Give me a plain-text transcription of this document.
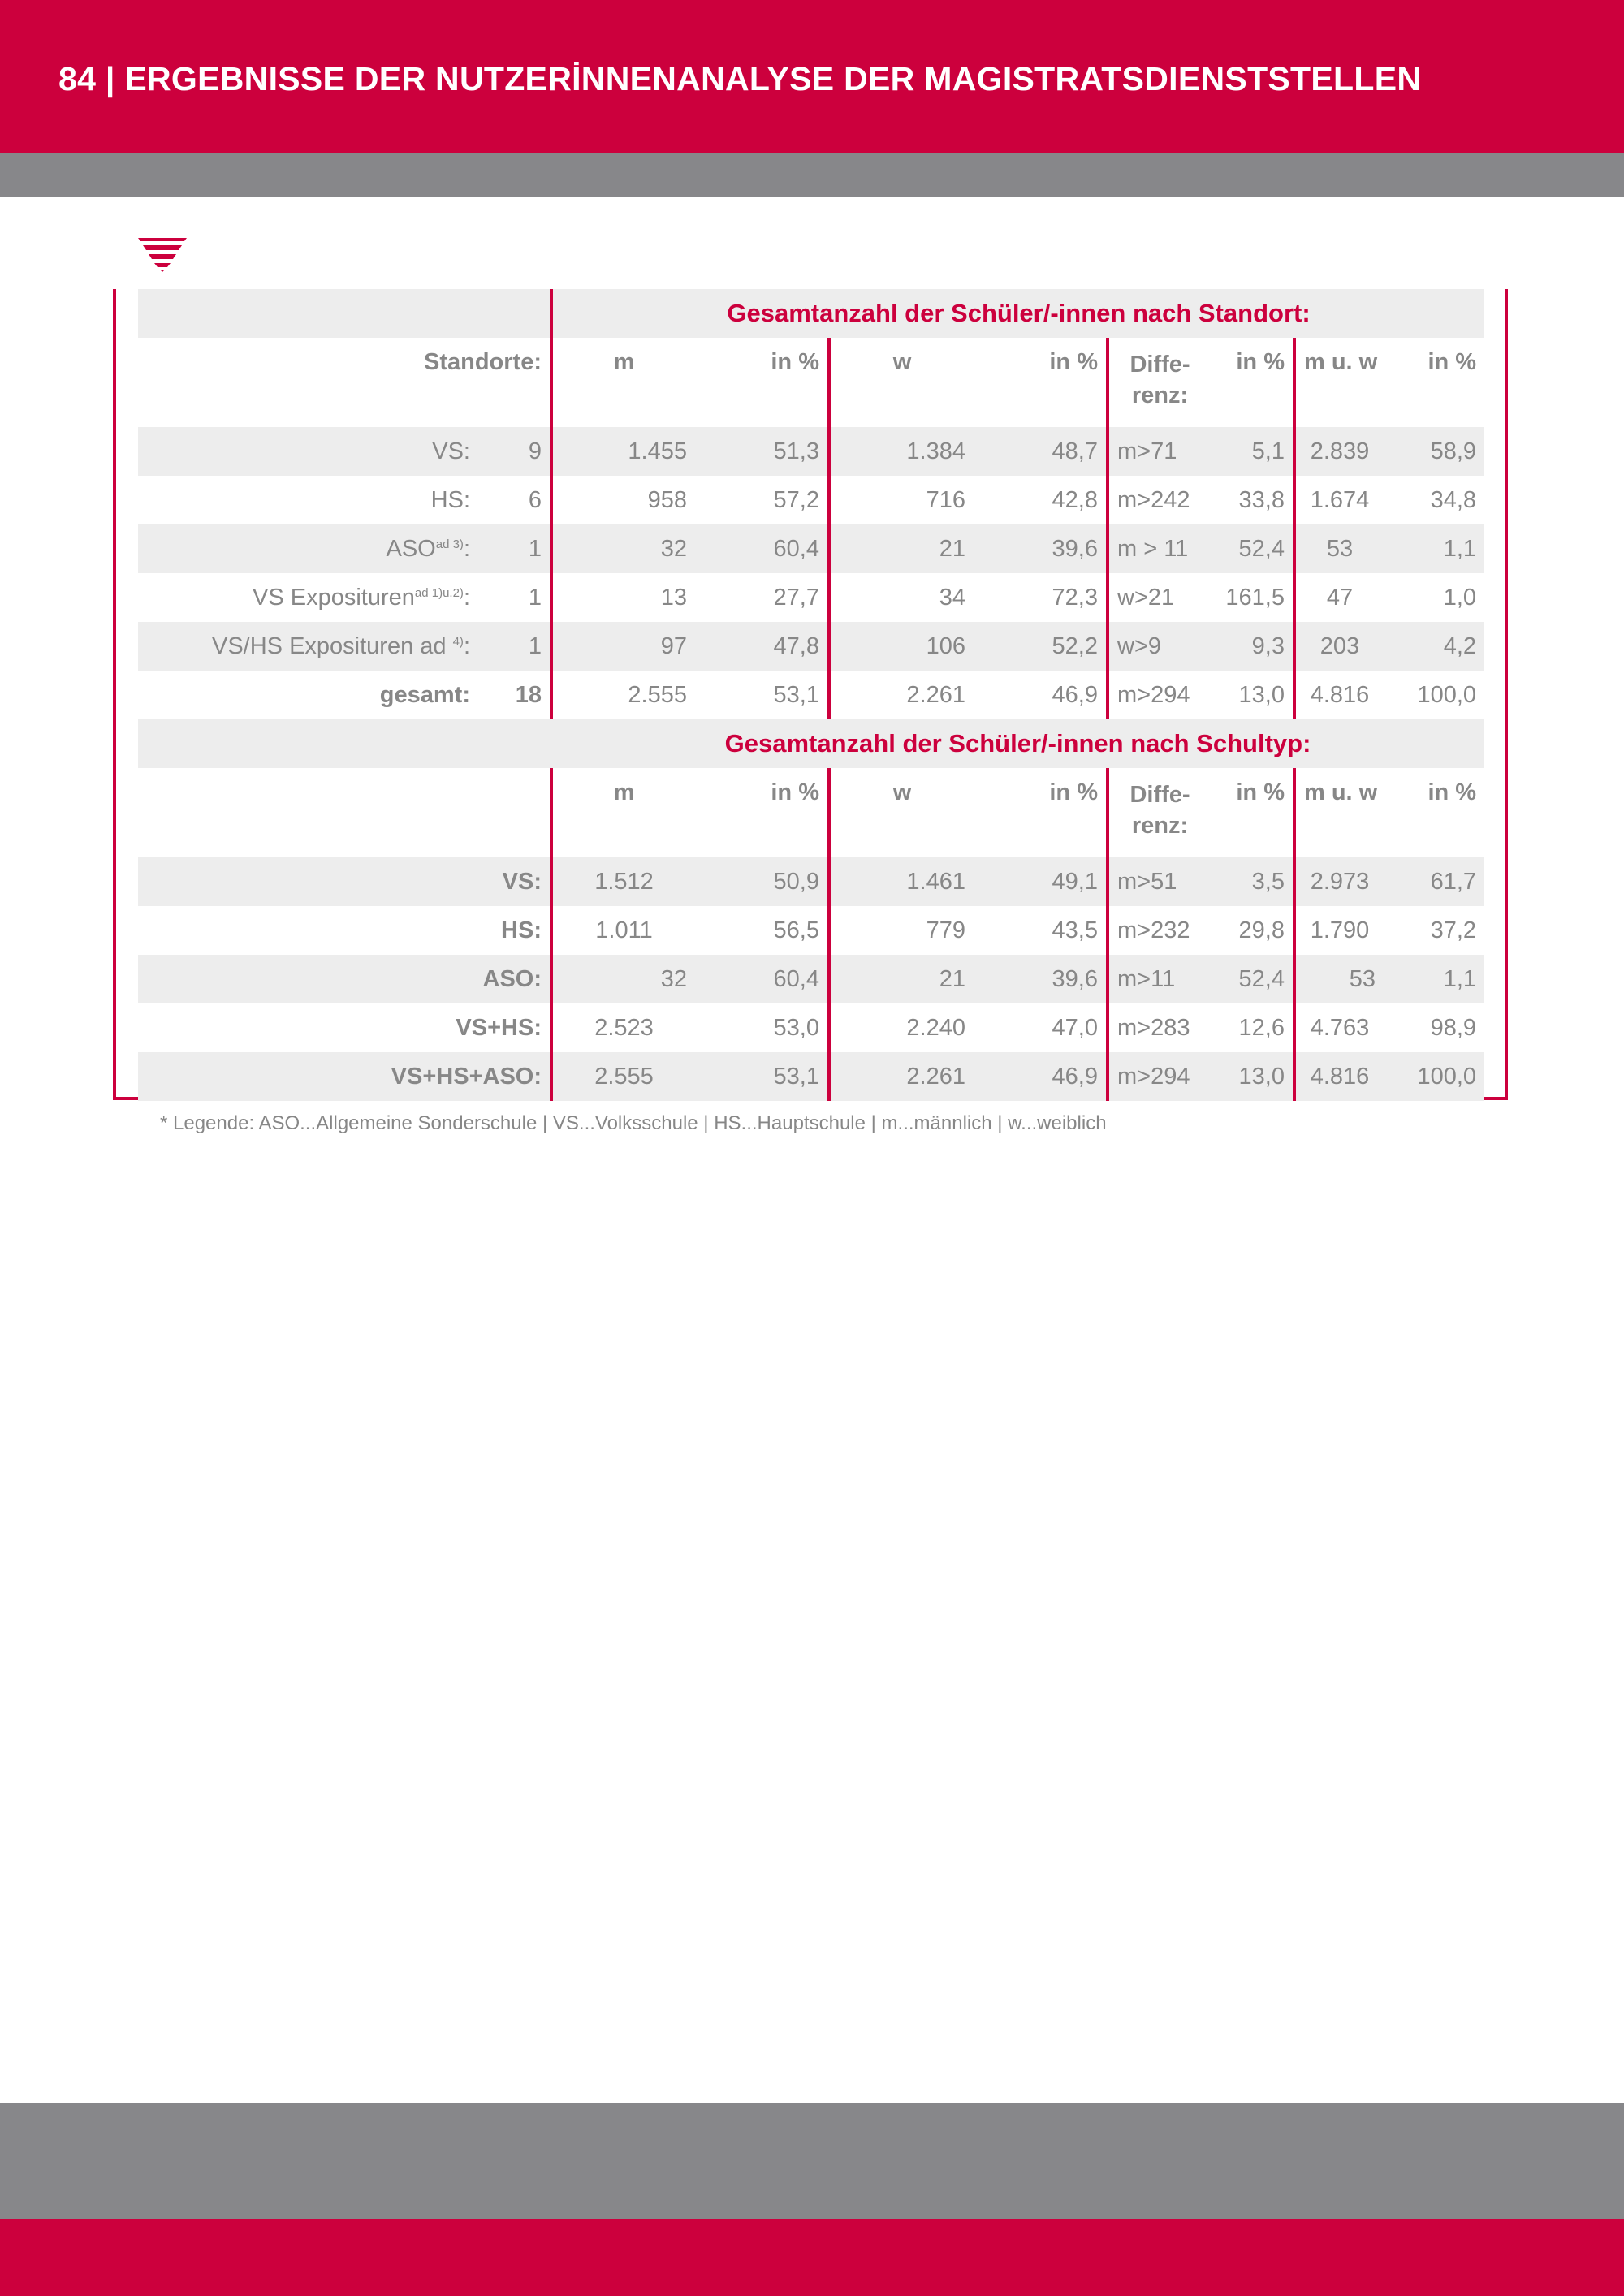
84 | ERGEBNISSE DER NUTZERİNNENANALYSE DER MAGISTRATSDIENSTSTELLEN
		Gesamtanzahl der Schüler/-innen nach Standort:							
Standorte:		m	in %	w	in %	Diffe- renz:	in %	m u. w	in %
VS:	9	1.455	51,3	1.384	48,7	m>71	5,1	2.839	58,9
HS:	6	958	57,2	716	42,8	m>242	33,8	1.674	34,8
$ASO^{ad 3)}$:	1	32	60,4	21	39,6	m > 11	52,4	53	1,1
VS Exposituren$^{ad 1)u.2)}$:	1	13	27,7	34	72,3	w>21	161,5	47	1,0
VS/HS Exposituren ad $^{4)}$:	1	97	47,8	106	52,2	w>9	9,3	203	4,2
gesamt:	18	2.555	53,1	2.261	46,9	m>294	13,0	4.816	100,0
		Gesamtanzahl der Schüler/-innen nach Schultyp:							
		m	in %	w	in %	Diffe- renz:	in %	m u. w	in %
VS:		1.512	50,9	1.461	49,1	m>51	3,5	2.973	61,7
HS:		1.011	56,5	779	43,5	m>232	29,8	1.790	37,2
ASO:		32	60,4	21	39,6	m>11	52,4	53	1,1
VS+HS:		2.523	53,0	2.240	47,0	m>283	12,6	4.763	98,9
VS+HS+ASO:		2.555	53,1	2.261	46,9	m>294	13,0	4.816	100,0

* Legende: ASO...Allgemeine Sonderschule | VS...Volksschule | HS...Hauptschule | m...männlich | w...weiblich
